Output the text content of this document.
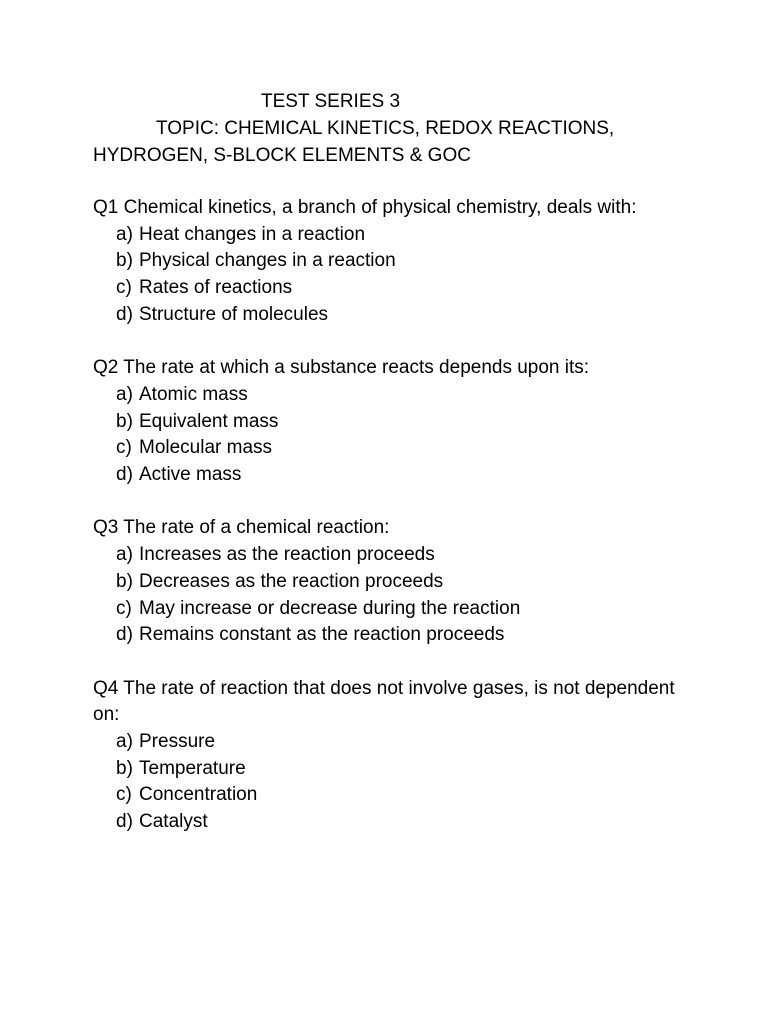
TEST SERIES 3
TOPIC: CHEMICAL KINETICS, REDOX REACTIONS, HYDROGEN, S-BLOCK ELEMENTS & GOC
Q1 Chemical kinetics, a branch of physical chemistry, deals with:
a) Heat changes in a reaction
b) Physical changes in a reaction
c) Rates of reactions
d) Structure of molecules
Q2 The rate at which a substance reacts depends upon its:
a) Atomic mass
b) Equivalent mass
c) Molecular mass
d) Active mass
Q3 The rate of a chemical reaction:
a) Increases as the reaction proceeds
b) Decreases as the reaction proceeds
c) May increase or decrease during the reaction
d) Remains constant as the reaction proceeds
Q4 The rate of reaction that does not involve gases, is not dependent on:
a) Pressure
b) Temperature
c) Concentration
d) Catalyst
